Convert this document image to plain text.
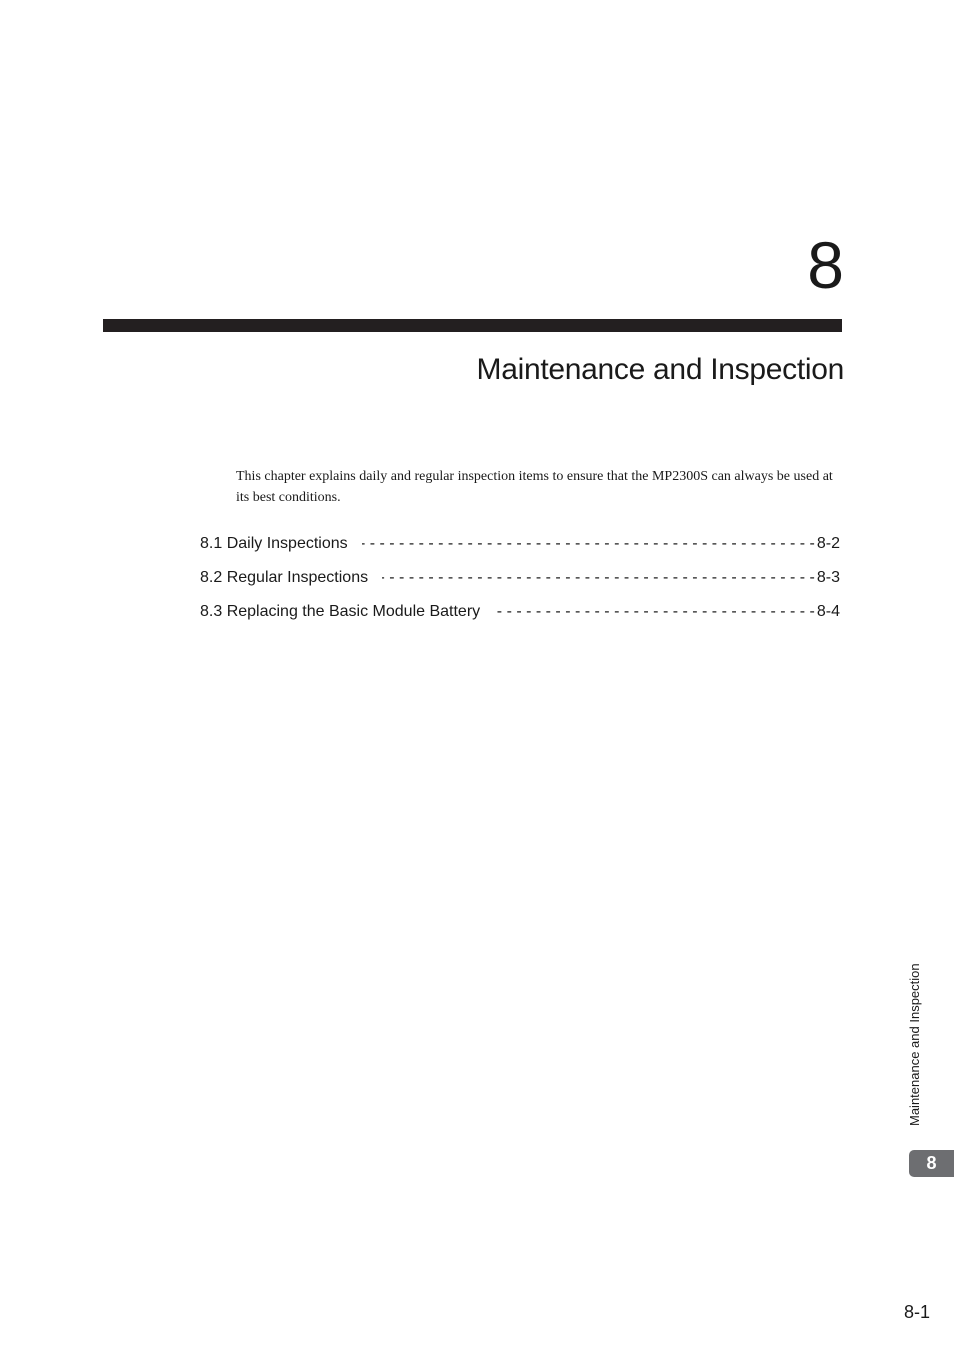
8
Maintenance and Inspection

This chapter explains daily and regular inspection items to ensure that the MP2300S can always be used at its best conditions.

8.1 Daily Inspections - - -	8-2
8.2 Regular Inspections - - -	8-3
8.3 Replacing the Basic Module Battery - - -	8-4
Maintenance and Inspection
8
8-1
